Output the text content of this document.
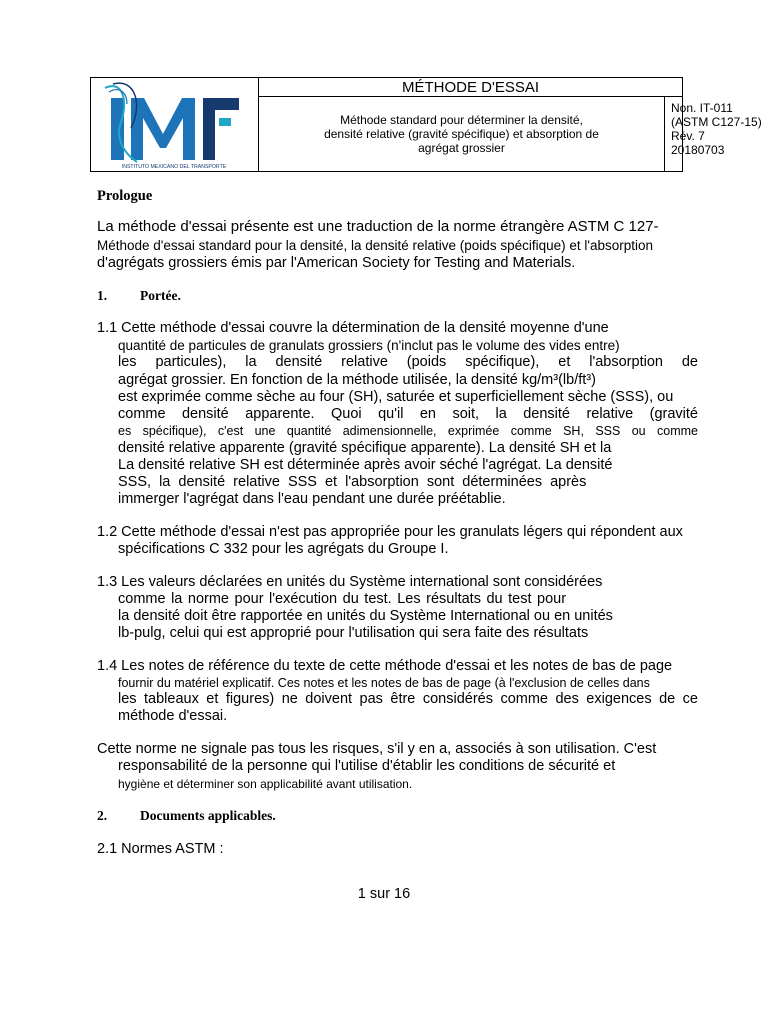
INSTITUTO MEXICANO DEL TRANSPORTE
MÉTHODE D'ESSAI
Méthode standard pour déterminer la densité,
densité relative (gravité spécifique) et absorption de
agrégat grossier
Non. IT-011
(ASTM C127-15)
Rév. 7
20180703
Prologue
La méthode d'essai présente est une traduction de la norme étrangère ASTM C 127-
Méthode d'essai standard pour la densité, la densité relative (poids spécifique) et l'absorption
d'agrégats grossiers émis par l'American Society for Testing and Materials.
1. Portée.
1.1 Cette méthode d'essai couvre la détermination de la densité moyenne d'une
quantité de particules de granulats grossiers (n'inclut pas le volume des vides entre)
les particules), la densité relative (poids spécifique), et l'absorption de
agrégat grossier. En fonction de la méthode utilisée, la densité kg/m³(lb/ft³)
est exprimée comme sèche au four (SH), saturée et superficiellement sèche (SSS), ou
comme densité apparente. Quoi qu'il en soit, la densité relative (gravité
es spécifique), c'est une quantité adimensionnelle, exprimée comme SH, SSS ou comme
densité relative apparente (gravité spécifique apparente). La densité SH et la
La densité relative SH est déterminée après avoir séché l'agrégat. La densité
SSS, la densité relative SSS et l'absorption sont déterminées après
immerger l'agrégat dans l'eau pendant une durée préétablie.
1.2 Cette méthode d'essai n'est pas appropriée pour les granulats légers qui répondent aux
spécifications C 332 pour les agrégats du Groupe I.
1.3 Les valeurs déclarées en unités du Système international sont considérées
comme la norme pour l'exécution du test. Les résultats du test pour
la densité doit être rapportée en unités du Système International ou en unités
lb-pulg, celui qui est approprié pour l'utilisation qui sera faite des résultats
1.4 Les notes de référence du texte de cette méthode d'essai et les notes de bas de page
fournir du matériel explicatif. Ces notes et les notes de bas de page (à l'exclusion de celles dans
les tableaux et figures) ne doivent pas être considérés comme des exigences de ce
méthode d'essai.
Cette norme ne signale pas tous les risques, s'il y en a, associés à son utilisation. C'est
responsabilité de la personne qui l'utilise d'établir les conditions de sécurité et
hygiène et déterminer son applicabilité avant utilisation.
2. Documents applicables.
2.1 Normes ASTM :
1 sur 16
